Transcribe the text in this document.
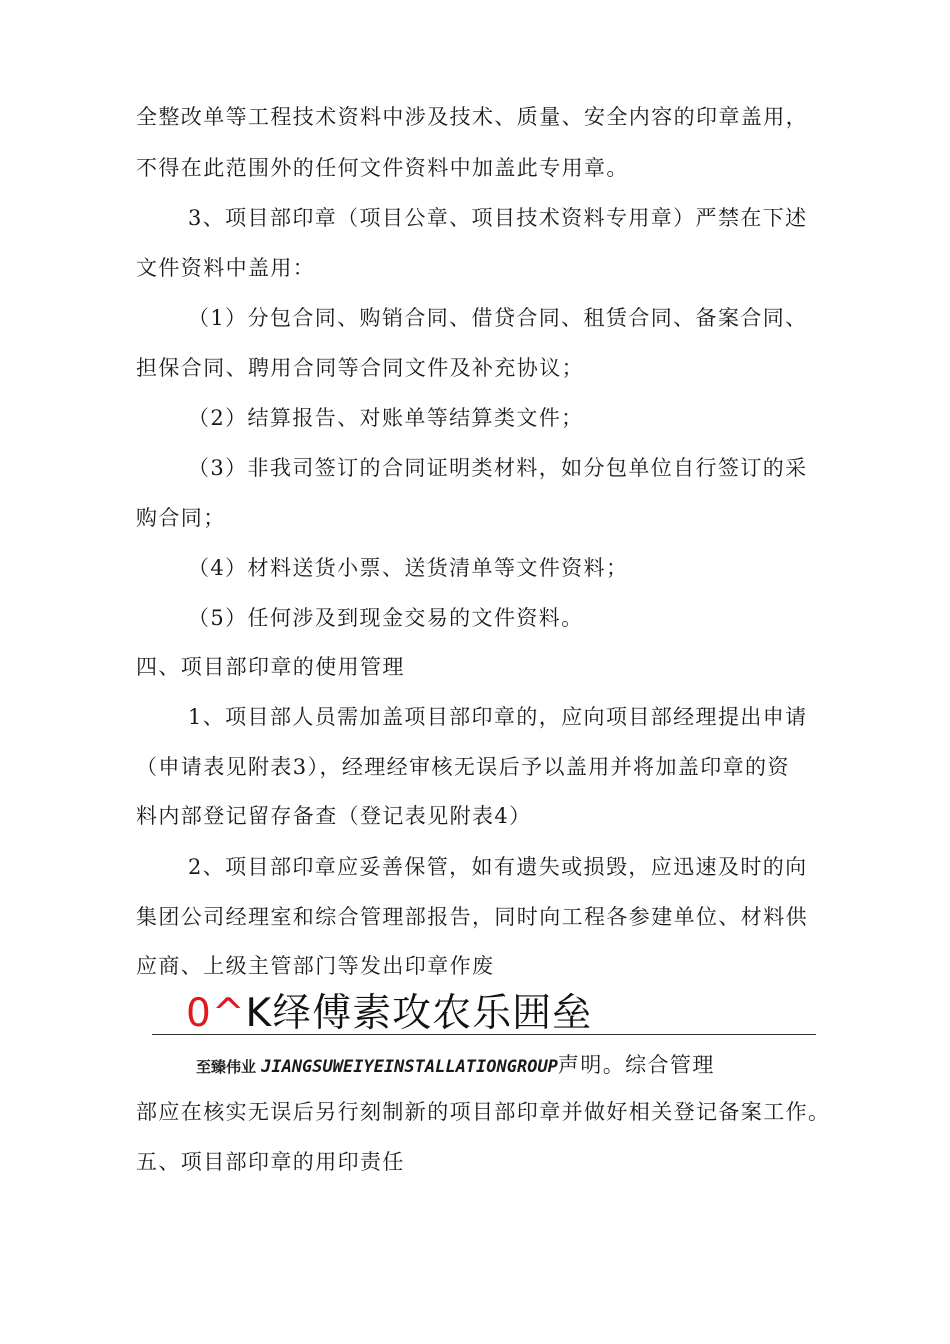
全整改单等工程技术资料中涉及技术、质量、安全内容的印章盖用，
不得在此范围外的任何文件资料中加盖此专用章。
3、项目部印章（项目公章、项目技术资料专用章）严禁在下述
文件资料中盖用：
（1）分包合同、购销合同、借贷合同、租赁合同、备案合同、
担保合同、聘用合同等合同文件及补充协议；
（2）结算报告、对账单等结算类文件；
（3）非我司签订的合同证明类材料，如分包单位自行签订的采
购合同；
（4）材料送货小票、送货清单等文件资料；
（5）任何涉及到现金交易的文件资料。
四、项目部印章的使用管理
1、项目部人员需加盖项目部印章的，应向项目部经理提出申请
（申请表见附表3），经理经审核无误后予以盖用并将加盖印章的资
料内部登记留存备查（登记表见附表4）
2、项目部印章应妥善保管，如有遗失或损毁，应迅速及时的向
集团公司经理室和综合管理部报告，同时向工程各参建单位、材料供
应商、上级主管部门等发出印章作废
0^K绎傅素攻农乐囲垒
至臻伟业 JIANGSUWEIYEINSTALLATIONGROUP声明。综合管理
部应在核实无误后另行刻制新的项目部印章并做好相关登记备案工作。
五、项目部印章的用印责任
